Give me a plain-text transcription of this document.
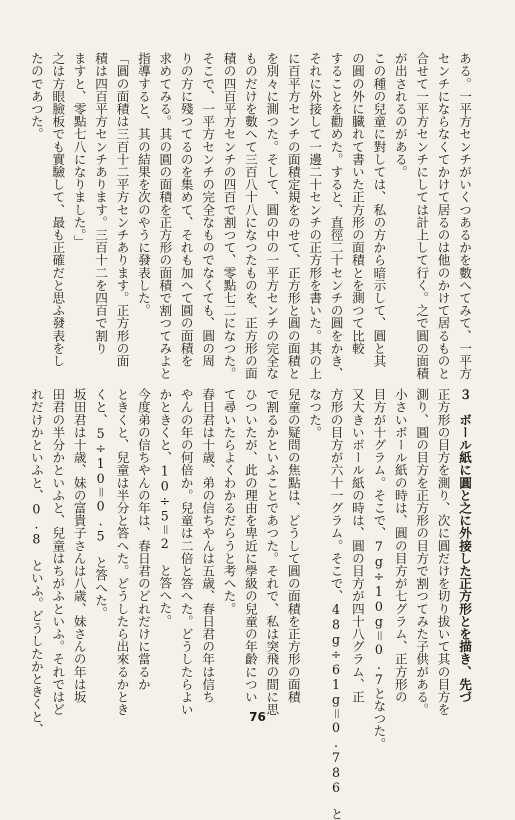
ある。一平方センチがいくつあるかを數へてみて、一平方
センチにならなくてかけて居るのは他のかけて居るものと
合せて一平方センチにしては計上して行く。之で圓の面積
が出されるのがある。
この種の兒童に對しては、私の方から暗示して、圓と其
の圓の外に臓れて書いた正方形の面積とを測つて比較
することを勸めた。すると、直徑二十センチの圓をかき、
それに外接して一邊二十センチの正方形を書いた。其の上
に百平方センチの面積定規をのせて、正方形と圓の面積と
を別々に測つた。そして、圓の中の一平方センチの完全な
ものだけを數へて三百八十八になつたものを、正方形の面
積の四百平方センチの四百で割つて、零點七二になつた。
そこで、一平方センチの完全なものでなくても、圓の周
りの方に殘つてるのを集めて、それも加へて圓の面積を
求めてみる。其の圓の面積を正方形の面積で割つてみよと
指導すると、其の結果を次のやうに發表した。
「圓の面積は三百十二平方センチあります。正方形の面
積は四百平方センチあります。三百十二を四百で割り
ますと、零點七八になりました。」
之は方眼臉板でも實驗して、最も正確だと思ふ發表をし
たのであつた。
３　ボール紙に圓と之に外接した正方形とを描き、先づ
正方形の目方を測り、次に圓だけを切り拔いて其の目方を
測り、圓の目方を正方形の目方で割つてみた子供がある。
小さいボール紙の時は、圓の目方が七グラム、正方形の
目方が十グラム。そこで、7g÷10g＝0.7となつた。
又大きいボール紙の時は、圓の目方が四十八グラム、正
方形の目方が六十一グラム。そこで、48g÷61g＝0.786　と
なつた。
兒童の疑問の焦點は、どうして圓の面積を正方形の面積
で割るかといふことであつた。それで、私は突飛の間に思
ひついたが、此の理由を卑近に學級の兒童の年齡につい
て尋いたらよくわかるだらうと考へた。
春日君は十歳、弟の信ちやんは五歳、春日君の年は信ち
やんの年の何倍か。兒童は二倍と答へた。どうしたらよい
かときくと、10÷5＝2　と答へた。
今度弟の信ちやんの年は、春日君のどれだけに當るか
ときくと、兒童は半分と答へた。どうしたら出來るかとき
くと、5÷10＝0.5　と答へた。
坂田君は十歳、妹の富貴子さんは八歳、妹さんの年は坂
田君の半分かといふと、兒童はちがふといふ。それではど
れだけかといふと、0.8　といふ。どうしたかときくと、	76
